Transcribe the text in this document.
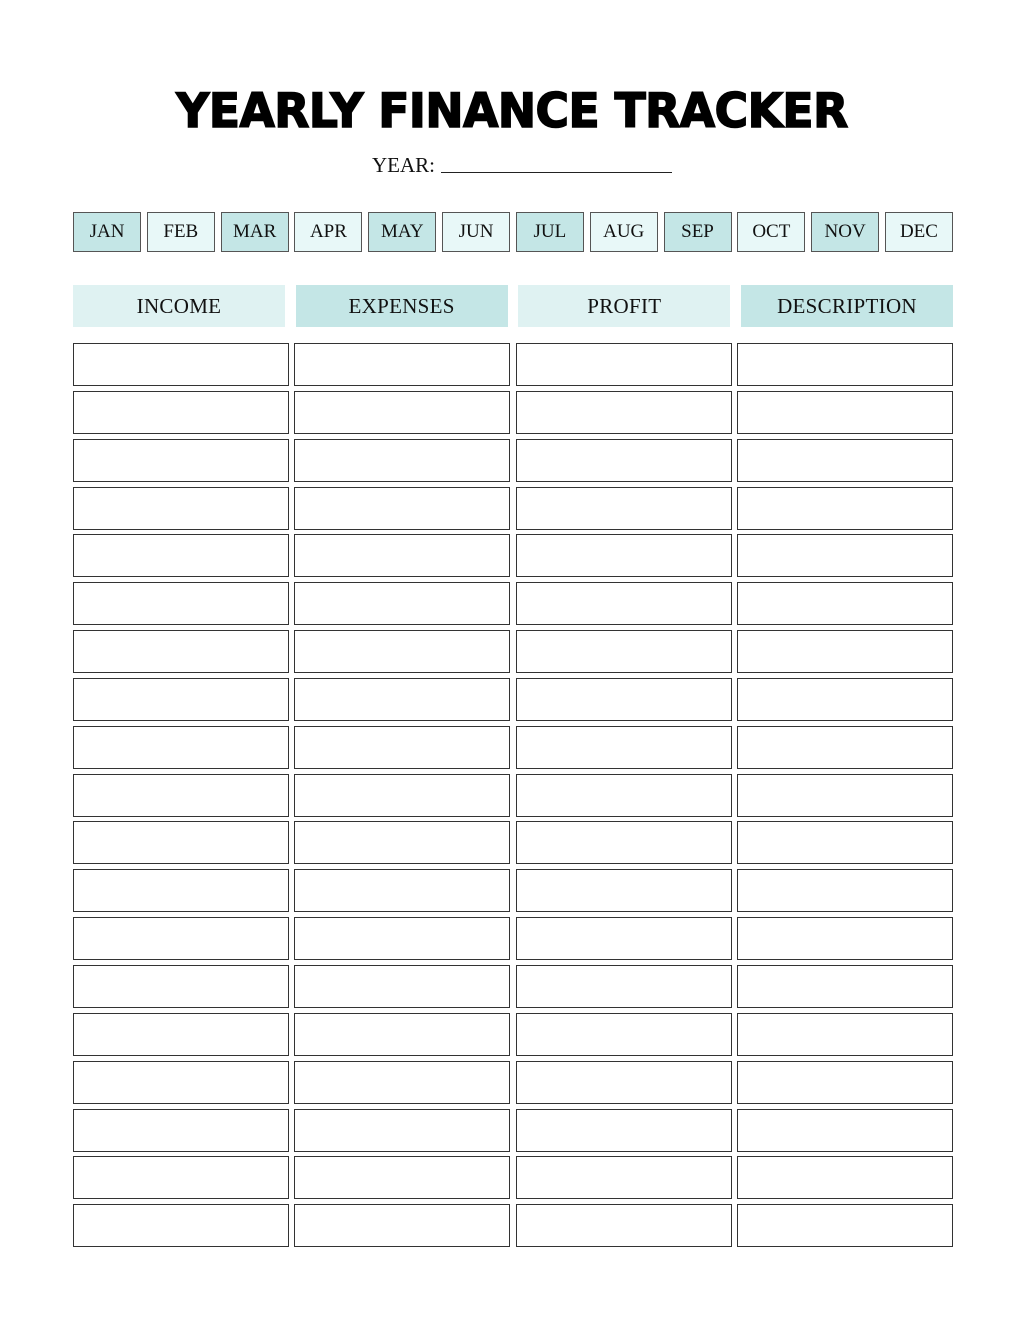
YEARLY FINANCE TRACKER
YEAR:
JAN	FEB	MAR	APR	MAY	JUN	JUL	AUG	SEP	OCT	NOV	DEC
INCOME	EXPENSES	PROFIT	DESCRIPTION
